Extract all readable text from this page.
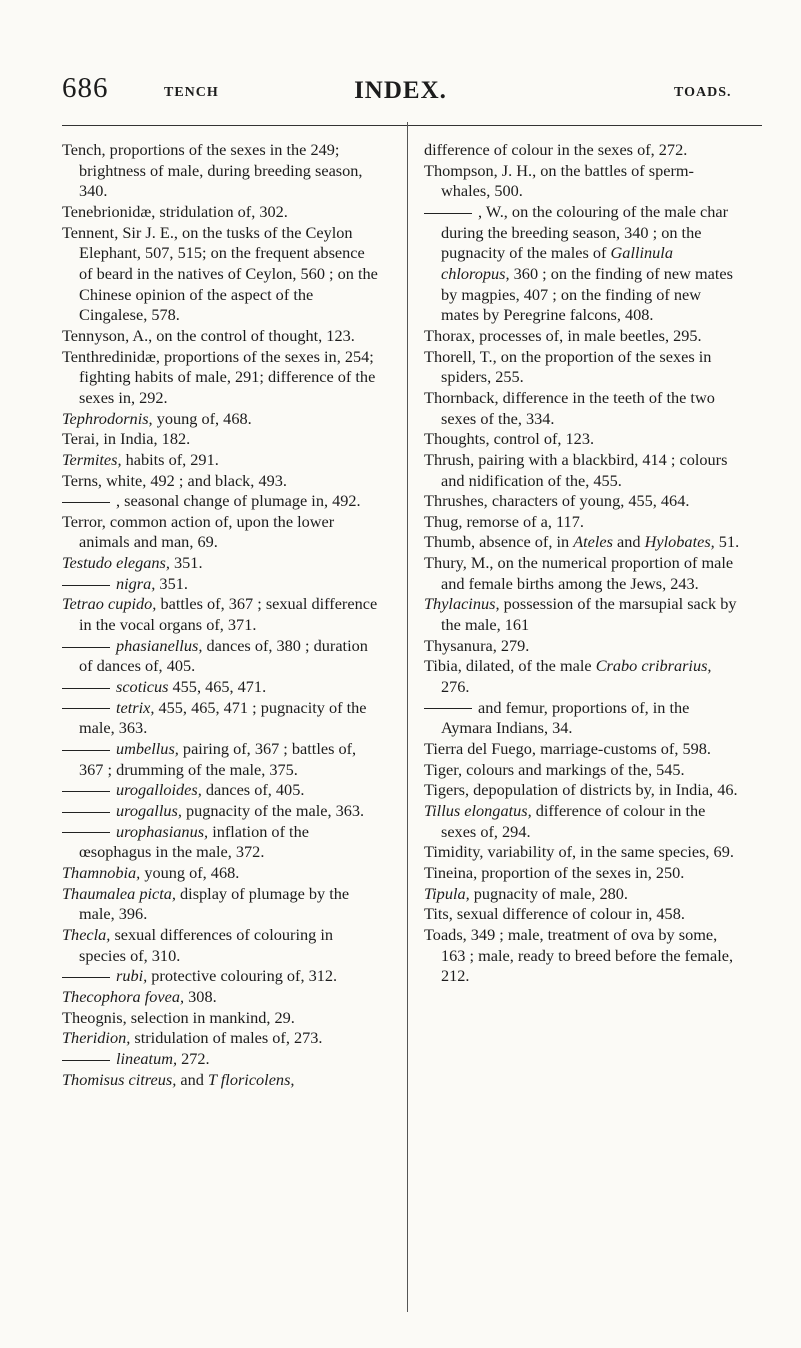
686	TENCH	INDEX.	TOADS.
Tench, proportions of the sexes in the 249; brightness of male, during breeding season, 340.
Tenebrionidæ, stridulation of, 302.
Tennent, Sir J. E., on the tusks of the Ceylon Elephant, 507, 515; on the frequent absence of beard in the natives of Ceylon, 560 ; on the Chinese opinion of the aspect of the Cingalese, 578.
Tennyson, A., on the control of thought, 123.
Tenthredinidæ, proportions of the sexes in, 254; fighting habits of male, 291; difference of the sexes in, 292.
Tephrodornis, young of, 468.
Terai, in India, 182.
Termites, habits of, 291.
Terns, white, 492 ; and black, 493.
, seasonal change of plumage in, 492.
Terror, common action of, upon the lower animals and man, 69.
Testudo elegans, 351.
nigra, 351.
Tetrao cupido, battles of, 367 ; sexual difference in the vocal organs of, 371.
phasianellus, dances of, 380 ; duration of dances of, 405.
scoticus 455, 465, 471.
tetrix, 455, 465, 471 ; pugnacity of the male, 363.
umbellus, pairing of, 367 ; battles of, 367 ; drumming of the male, 375.
urogalloides, dances of, 405.
urogallus, pugnacity of the male, 363.
urophasianus, inflation of the œsophagus in the male, 372.
Thamnobia, young of, 468.
Thaumalea picta, display of plumage by the male, 396.
Thecla, sexual differences of colouring in species of, 310.
rubi, protective colouring of, 312.
Thecophora fovea, 308.
Theognis, selection in mankind, 29.
Theridion, stridulation of males of, 273.
lineatum, 272.
Thomisus citreus, and T floricolens,
difference of colour in the sexes of, 272.
Thompson, J. H., on the battles of sperm-whales, 500.
, W., on the colouring of the male char during the breeding season, 340 ; on the pugnacity of the males of Gallinula chloropus, 360 ; on the finding of new mates by magpies, 407 ; on the finding of new mates by Peregrine falcons, 408.
Thorax, processes of, in male beetles, 295.
Thorell, T., on the proportion of the sexes in spiders, 255.
Thornback, difference in the teeth of the two sexes of the, 334.
Thoughts, control of, 123.
Thrush, pairing with a blackbird, 414 ; colours and nidification of the, 455.
Thrushes, characters of young, 455, 464.
Thug, remorse of a, 117.
Thumb, absence of, in Ateles and Hylobates, 51.
Thury, M., on the numerical proportion of male and female births among the Jews, 243.
Thylacinus, possession of the marsupial sack by the male, 161
Thysanura, 279.
Tibia, dilated, of the male Crabo cribrarius, 276.
and femur, proportions of, in the Aymara Indians, 34.
Tierra del Fuego, marriage-customs of, 598.
Tiger, colours and markings of the, 545.
Tigers, depopulation of districts by, in India, 46.
Tillus elongatus, difference of colour in the sexes of, 294.
Timidity, variability of, in the same species, 69.
Tineina, proportion of the sexes in, 250.
Tipula, pugnacity of male, 280.
Tits, sexual difference of colour in, 458.
Toads, 349 ; male, treatment of ova by some, 163 ; male, ready to breed before the female, 212.
